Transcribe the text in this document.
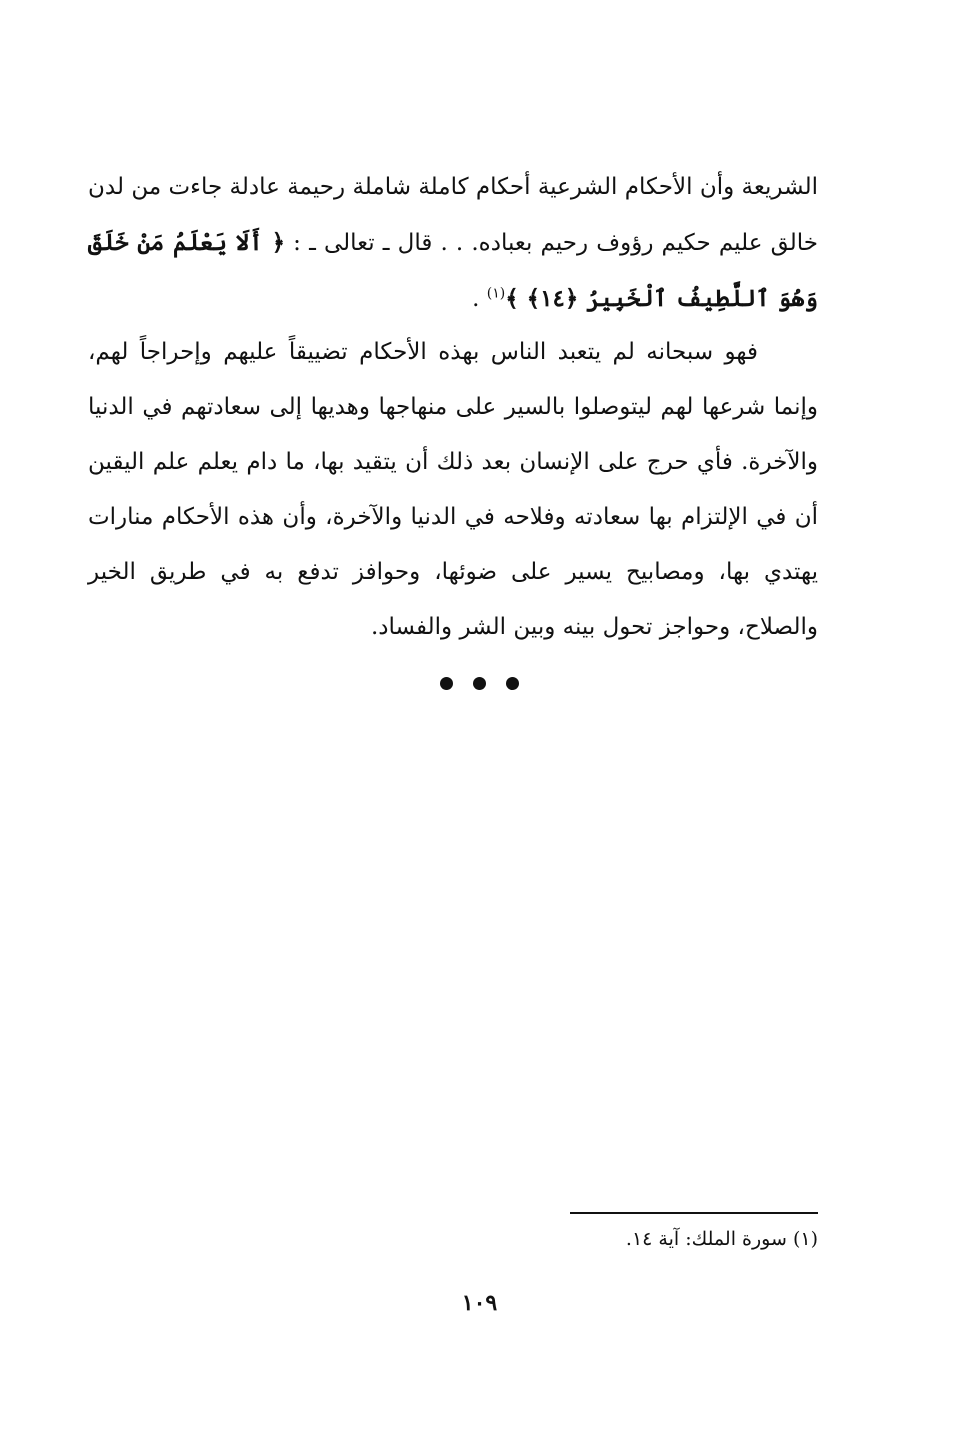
الشريعة وأن الأحكام الشرعية أحكام كاملة شاملة رحيمة عادلة جاءت من لدن خالق عليم حكيم رؤوف رحيم بعباده. . . قال ـ تعالى ـ : ﴿ أَلَا يَعْلَمُ مَنْ خَلَقَ وَهُوَ ٱللَّطِيفُ ٱلْخَبِيرُ ﴿١٤﴾ ﴾$^{(١)}$ .

فهو سبحانه لم يتعبد الناس بهذه الأحكام تضييقاً عليهم وإحراجاً لهم، وإنما شرعها لهم ليتوصلوا بالسير على منهاجها وهديها إلى سعادتهم في الدنيا والآخرة. فأي حرج على الإنسان بعد ذلك أن يتقيد بها، ما دام يعلم علم اليقين أن في الإلتزام بها سعادته وفلاحه في الدنيا والآخرة، وأن هذه الأحكام منارات يهتدي بها، ومصابيح يسير على ضوئها، وحوافز تدفع به في طريق الخير والصلاح، وحواجز تحول بينه وبين الشر والفساد.

(١) سورة الملك: آية ١٤.
١٠٩
